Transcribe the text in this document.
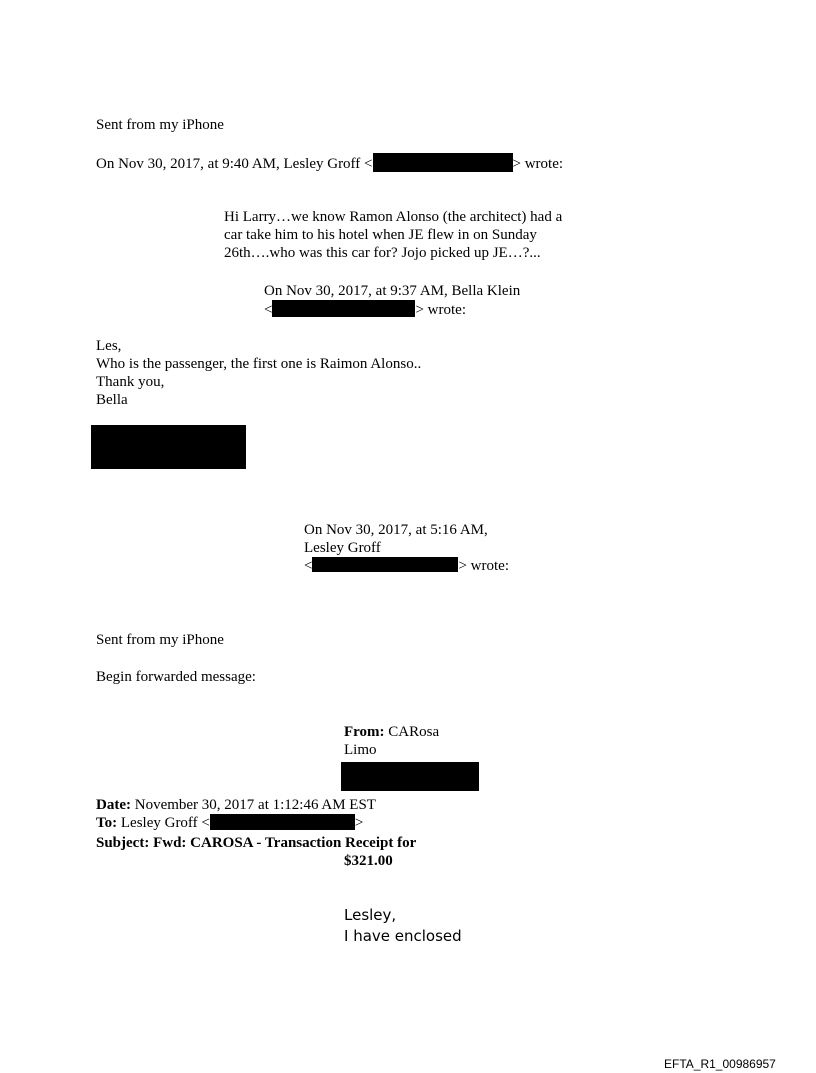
Sent from my iPhone
On Nov 30, 2017, at 9:40 AM, Lesley Groff <	> wrote:
Hi Larry…we know Ramon Alonso (the architect) had a
car take him to his hotel when JE flew in on Sunday
26th….who was this car for? Jojo picked up JE…?...
On Nov 30, 2017, at 9:37 AM, Bella Klein
<	> wrote:
Les,
Who is the passenger, the first one is Raimon Alonso..
Thank you,
Bella
On Nov 30, 2017, at 5:16 AM,
Lesley Groff
<	> wrote:
Sent from my iPhone
Begin forwarded message:
From: CARosa
Limo
Date: November 30, 2017 at 1:12:46 AM EST
To: Lesley Groff <	>
Subject: Fwd: CAROSA - Transaction Receipt for
$321.00
Lesley,
I have enclosed
EFTA_R1_00986957
